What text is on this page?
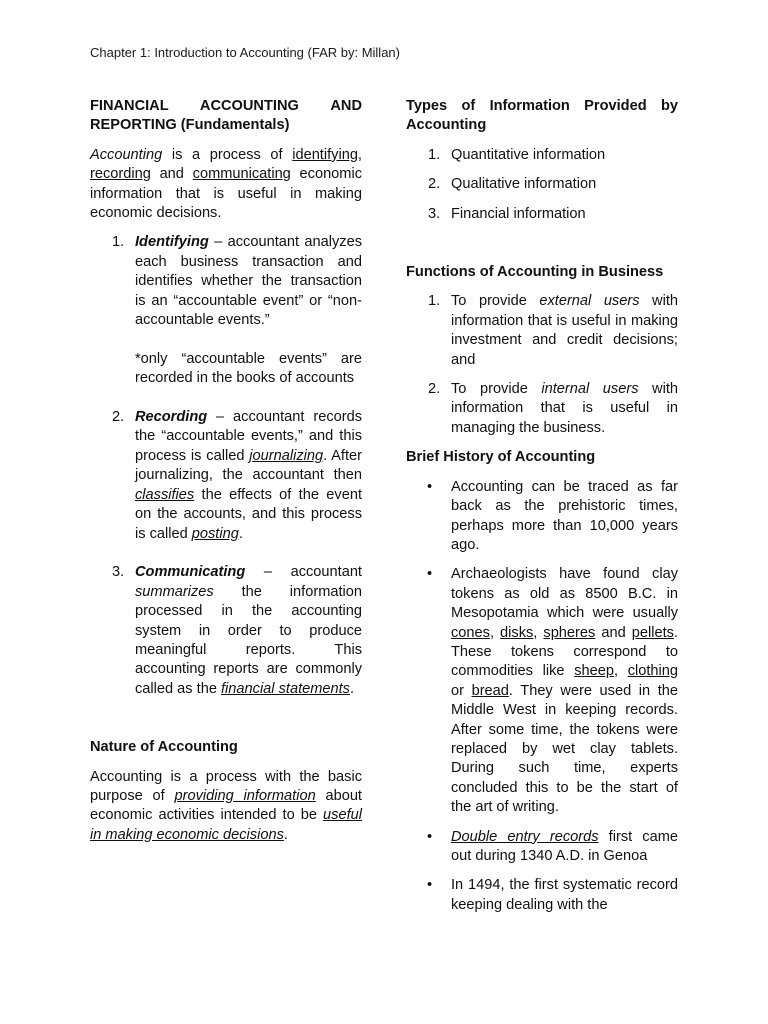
Chapter 1: Introduction to Accounting (FAR by: Millan)

FINANCIAL ACCOUNTING AND REPORTING (Fundamentals)

Accounting is a process of identifying, recording and communicating economic information that is useful in making economic decisions.

1. Identifying – accountant analyzes each business transaction and identifies whether the transaction is an “accountable event” or “non-accountable events.”
*only “accountable events” are recorded in the books of accounts
2. Recording – accountant records the “accountable events,” and this process is called journalizing. After journalizing, the accountant then classifies the effects of the event on the accounts, and this process is called posting.
3. Communicating – accountant summarizes the information processed in the accounting system in order to produce meaningful reports. This accounting reports are commonly called as the financial statements.

Nature of Accounting

Accounting is a process with the basic purpose of providing information about economic activities intended to be useful in making economic decisions.

Types of Information Provided by Accounting

1. Quantitative information
2. Qualitative information
3. Financial information

Functions of Accounting in Business

1. To provide external users with information that is useful in making investment and credit decisions; and
2. To provide internal users with information that is useful in managing the business.

Brief History of Accounting

• Accounting can be traced as far back as the prehistoric times, perhaps more than 10,000 years ago.
• Archaeologists have found clay tokens as old as 8500 B.C. in Mesopotamia which were usually cones, disks, spheres and pellets. These tokens correspond to commodities like sheep, clothing or bread. They were used in the Middle West in keeping records. After some time, the tokens were replaced by wet clay tablets. During such time, experts concluded this to be the start of the art of writing.
• Double entry records first came out during 1340 A.D. in Genoa
• In 1494, the first systematic record keeping dealing with the
